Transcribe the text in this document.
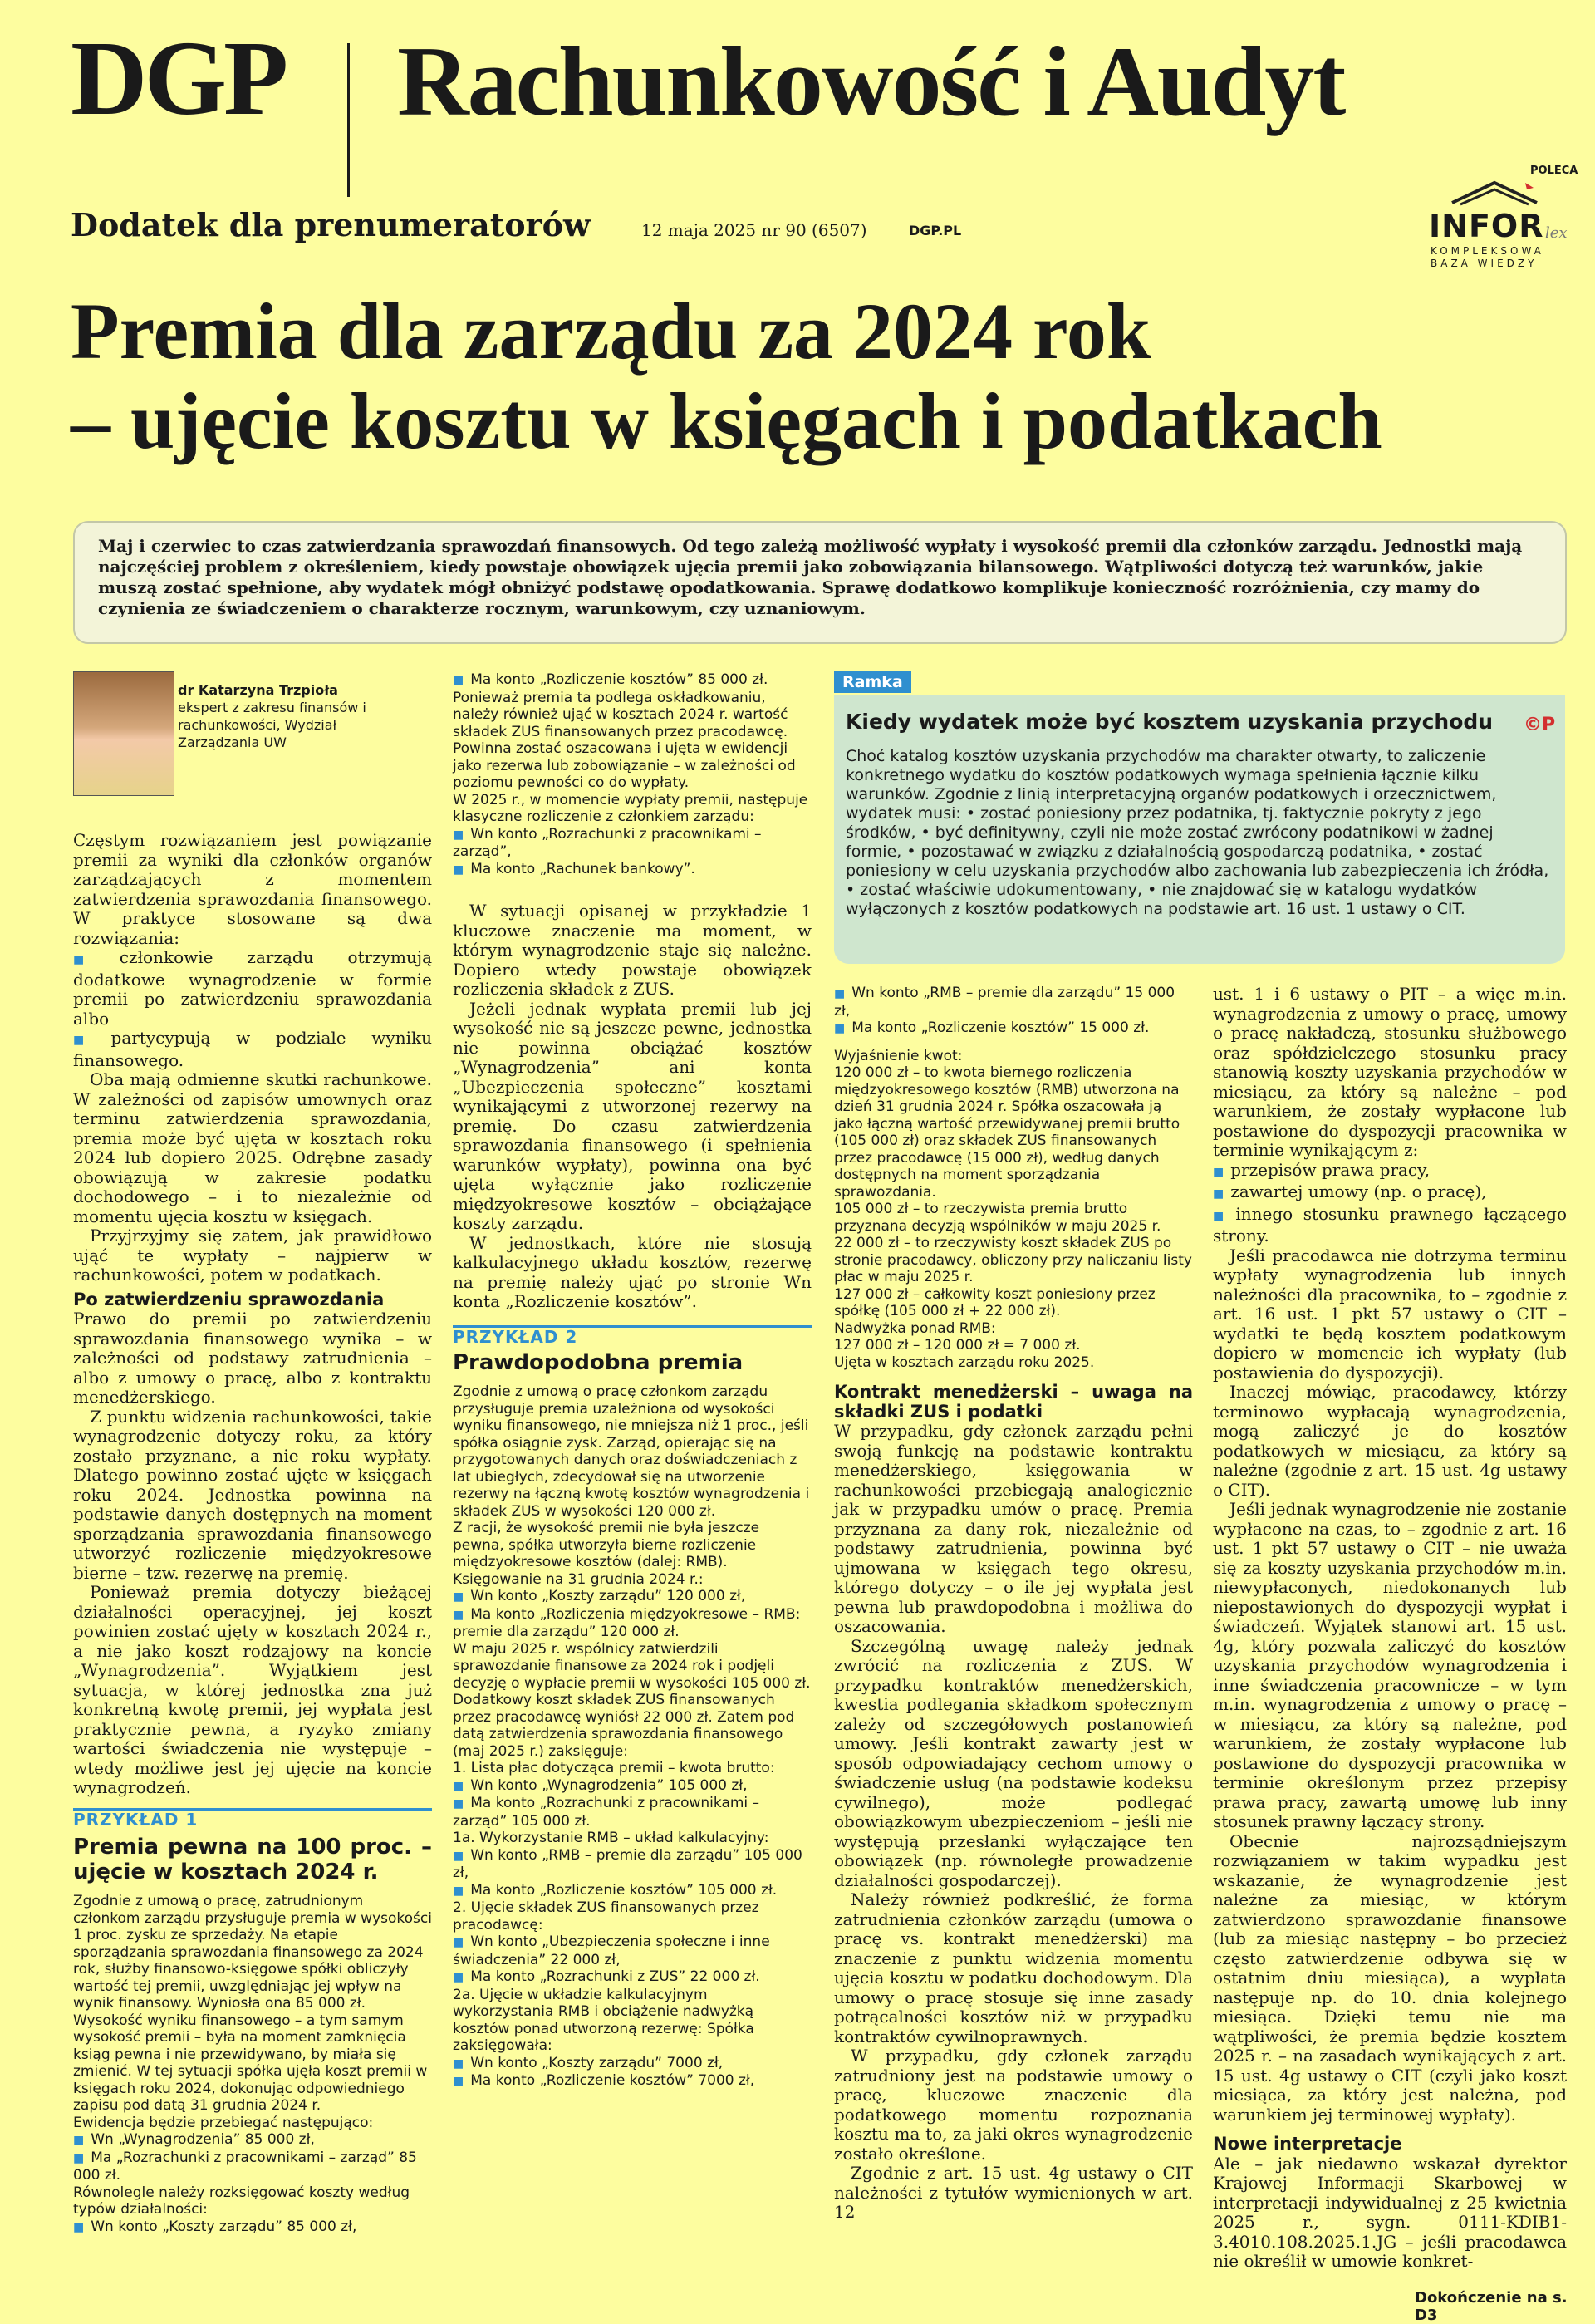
DGP Rachunkowość i Audyt
Dodatek dla prenumeratorów	12 maja 2025 nr 90 (6507)	DGP.PL
POLECA
INFOR lex
KOMPLEKSOWA BAZA WIEDZY
Premia dla zarządu za 2024 rok
– ujęcie kosztu w księgach i podatkach
Maj i czerwiec to czas zatwierdzania sprawozdań finansowych. Od tego zależą możliwość wypłaty i wysokość premii dla członków zarządu. Jednostki mają najczęściej problem z określeniem, kiedy powstaje obowiązek ujęcia premii jako zobowiązania bilansowego. Wątpliwości dotyczą też warunków, jakie muszą zostać spełnione, aby wydatek mógł obniżyć podstawę opodatkowania. Sprawę dodatkowo komplikuje konieczność rozróżnienia, czy mamy do czynienia ze świadczeniem o charakterze rocznym, warunkowym, czy uznaniowym.
dr Katarzyna Trzpioła
ekspert z zakresu finansów i rachunkowości, Wydział Zarządzania UW

Częstym rozwiązaniem jest powiązanie premii za wyniki dla członków organów zarządzających z momentem zatwierdzenia sprawozdania finansowego. W praktyce stosowane są dwa rozwiązania:

■ członkowie zarządu otrzymują dodatkowe wynagrodzenie w formie premii po zatwierdzeniu sprawozdania albo

■ partycypują w podziale wyniku finansowego.

Oba mają odmienne skutki rachunkowe. W zależności od zapisów umownych oraz terminu zatwierdzenia sprawozdania, premia może być ujęta w kosztach roku 2024 lub dopiero 2025. Odrębne zasady obowiązują w zakresie podatku dochodowego – i to niezależnie od momentu ujęcia kosztu w księgach.

Przyjrzyjmy się zatem, jak prawidłowo ująć te wypłaty – najpierw w rachunkowości, potem w podatkach.

Po zatwierdzeniu sprawozdania

Prawo do premii po zatwierdzeniu sprawozdania finansowego wynika – w zależności od podstawy zatrudnienia – albo z umowy o pracę, albo z kontraktu menedżerskiego.

Z punktu widzenia rachunkowości, takie wynagrodzenie dotyczy roku, za który zostało przyznane, a nie roku wypłaty. Dlatego powinno zostać ujęte w księgach roku 2024. Jednostka powinna na podstawie danych dostępnych na moment sporządzania sprawozdania finansowego utworzyć rozliczenie międzyokresowe bierne – tzw. rezerwę na premię.

Ponieważ premia dotyczy bieżącej działalności operacyjnej, jej koszt powinien zostać ujęty w kosztach 2024 r., a nie jako koszt rodzajowy na koncie „Wynagrodzenia”. Wyjątkiem jest sytuacja, w której jednostka zna już konkretną kwotę premii, jej wypłata jest praktycznie pewna, a ryzyko zmiany wartości świadczenia nie występuje – wtedy możliwe jest jej ujęcie na koncie wynagrodzeń.

PRZYKŁAD 1

Premia pewna na 100 proc. – ujęcie w kosztach 2024 r.

Zgodnie z umową o pracę, zatrudnionym członkom zarządu przysługuje premia w wysokości 1 proc. zysku ze sprzedaży. Na etapie sporządzania sprawozdania finansowego za 2024 rok, służby finansowo-księgowe spółki obliczyły wartość tej premii, uwzględniając jej wpływ na wynik finansowy. Wyniosła ona 85 000 zł. Wysokość wyniku finansowego – a tym samym wysokość premii – była na moment zamknięcia ksiąg pewna i nie przewidywano, by miała się zmienić. W tej sytuacji spółka ujęła koszt premii w księgach roku 2024, dokonując odpowiedniego zapisu pod datą 31 grudnia 2024 r.

Ewidencja będzie przebiegać następująco:

■ Wn „Wynagrodzenia” 85 000 zł,

■ Ma „Rozrachunki z pracownikami – zarząd” 85 000 zł.

Równolegle należy rozksięgować koszty według typów działalności:

■ Wn konto „Koszty zarządu” 85 000 zł,

■ Ma konto „Rozliczenie kosztów” 85 000 zł.

Ponieważ premia ta podlega oskładkowaniu, należy również ująć w kosztach 2024 r. wartość składek ZUS finansowanych przez pracodawcę. Powinna zostać oszacowana i ujęta w ewidencji jako rezerwa lub zobowiązanie – w zależności od poziomu pewności co do wypłaty.

W 2025 r., w momencie wypłaty premii, następuje klasyczne rozliczenie z członkiem zarządu:

■ Wn konto „Rozrachunki z pracownikami – zarząd”,

■ Ma konto „Rachunek bankowy”.

W sytuacji opisanej w przykładzie 1 kluczowe znaczenie ma moment, w którym wynagrodzenie staje się należne. Dopiero wtedy powstaje obowiązek rozliczenia składek z ZUS.

Jeżeli jednak wypłata premii lub jej wysokość nie są jeszcze pewne, jednostka nie powinna obciążać kosztów „Wynagrodzenia” ani konta „Ubezpieczenia społeczne” kosztami wynikającymi z utworzonej rezerwy na premię. Do czasu zatwierdzenia sprawozdania finansowego (i spełnienia warunków wypłaty), powinna ona być ujęta wyłącznie jako rozliczenie międzyokresowe kosztów – obciążające koszty zarządu.

W jednostkach, które nie stosują kalkulacyjnego układu kosztów, rezerwę na premię należy ująć po stronie Wn konta „Rozliczenie kosztów”.

PRZYKŁAD 2

Prawdopodobna premia

Zgodnie z umową o pracę członkom zarządu przysługuje premia uzależniona od wysokości wyniku finansowego, nie mniejsza niż 1 proc., jeśli spółka osiągnie zysk. Zarząd, opierając się na przygotowanych danych oraz doświadczeniach z lat ubiegłych, zdecydował się na utworzenie rezerwy na łączną kwotę kosztów wynagrodzenia i składek ZUS w wysokości 120 000 zł.

Z racji, że wysokość premii nie była jeszcze pewna, spółka utworzyła bierne rozliczenie międzyokresowe kosztów (dalej: RMB). Księgowanie na 31 grudnia 2024 r.:

■ Wn konto „Koszty zarządu” 120 000 zł,

■ Ma konto „Rozliczenia międzyokresowe – RMB: premie dla zarządu” 120 000 zł.

W maju 2025 r. wspólnicy zatwierdzili sprawozdanie finansowe za 2024 rok i podjęli decyzję o wypłacie premii w wysokości 105 000 zł. Dodatkowy koszt składek ZUS finansowanych przez pracodawcę wyniósł 22 000 zł. Zatem pod datą zatwierdzenia sprawozdania finansowego (maj 2025 r.) zaksięguje:

1. Lista płac dotycząca premii – kwota brutto:

■ Wn konto „Wynagrodzenia” 105 000 zł,

■ Ma konto „Rozrachunki z pracownikami – zarząd” 105 000 zł.

1a. Wykorzystanie RMB – układ kalkulacyjny:

■ Wn konto „RMB – premie dla zarządu” 105 000 zł,

■ Ma konto „Rozliczenie kosztów” 105 000 zł.

2. Ujęcie składek ZUS finansowanych przez pracodawcę:

■ Wn konto „Ubezpieczenia społeczne i inne świadczenia” 22 000 zł,

■ Ma konto „Rozrachunki z ZUS” 22 000 zł.

2a. Ujęcie w układzie kalkulacyjnym wykorzystania RMB i obciążenie nadwyżką kosztów ponad utworzoną rezerwę: Spółka zaksięgowała:

■ Wn konto „Koszty zarządu” 7000 zł,

■ Ma konto „Rozliczenie kosztów” 7000 zł,

Ramka
Kiedy wydatek może być kosztem uzyskania przychodu
Choć katalog kosztów uzyskania przychodów ma charakter otwarty, to zaliczenie konkretnego wydatku do kosztów podatkowych wymaga spełnienia łącznie kilku warunków. Zgodnie z linią interpretacyjną organów podatkowych i orzecznictwem, wydatek musi: • zostać poniesiony przez podatnika, tj. faktycznie pokryty z jego środków, • być definitywny, czyli nie może zostać zwrócony podatnikowi w żadnej formie, • pozostawać w związku z działalnością gospodarczą podatnika, • zostać poniesiony w celu uzyskania przychodów albo zachowania lub zabezpieczenia ich źródła, • zostać właściwie udokumentowany, • nie znajdować się w katalogu wydatków wyłączonych z kosztów podatkowych na podstawie art. 16 ust. 1 ustawy o CIT.
©P

■ Wn konto „RMB – premie dla zarządu” 15 000 zł,

■ Ma konto „Rozliczenie kosztów” 15 000 zł.

Wyjaśnienie kwot:

120 000 zł – to kwota biernego rozliczenia międzyokresowego kosztów (RMB) utworzona na dzień 31 grudnia 2024 r. Spółka oszacowała ją jako łączną wartość przewidywanej premii brutto (105 000 zł) oraz składek ZUS finansowanych przez pracodawcę (15 000 zł), według danych dostępnych na moment sporządzania sprawozdania.

105 000 zł – to rzeczywista premia brutto przyznana decyzją wspólników w maju 2025 r.

22 000 zł – to rzeczywisty koszt składek ZUS po stronie pracodawcy, obliczony przy naliczaniu listy płac w maju 2025 r.

127 000 zł – całkowity koszt poniesiony przez spółkę (105 000 zł + 22 000 zł).

Nadwyżka ponad RMB:

127 000 zł – 120 000 zł = 7 000 zł.

Ujęta w kosztach zarządu roku 2025.

Kontrakt menedżerski – uwaga na składki ZUS i podatki

W przypadku, gdy członek zarządu pełni swoją funkcję na podstawie kontraktu menedżerskiego, księgowania w rachunkowości przebiegają analogicznie jak w przypadku umów o pracę. Premia przyznana za dany rok, niezależnie od podstawy zatrudnienia, powinna być ujmowana w księgach tego okresu, którego dotyczy – o ile jej wypłata jest pewna lub prawdopodobna i możliwa do oszacowania.

Szczególną uwagę należy jednak zwrócić na rozliczenia z ZUS. W przypadku kontraktów menedżerskich, kwestia podlegania składkom społecznym zależy od szczegółowych postanowień umowy. Jeśli kontrakt zawarty jest w sposób odpowiadający cechom umowy o świadczenie usług (na podstawie kodeksu cywilnego), może podlegać obowiązkowym ubezpieczeniom – jeśli nie występują przesłanki wyłączające ten obowiązek (np. równoległe prowadzenie działalności gospodarczej).

Należy również podkreślić, że forma zatrudnienia członków zarządu (umowa o pracę vs. kontrakt menedżerski) ma znaczenie z punktu widzenia momentu ujęcia kosztu w podatku dochodowym. Dla umowy o pracę stosuje się inne zasady potrącalności kosztów niż w przypadku kontraktów cywilnoprawnych.

W przypadku, gdy członek zarządu zatrudniony jest na podstawie umowy o pracę, kluczowe znaczenie dla podatkowego momentu rozpoznania kosztu ma to, za jaki okres wynagrodzenie zostało określone.

Zgodnie z art. 15 ust. 4g ustawy o CIT należności z tytułów wymienionych w art. 12

ust. 1 i 6 ustawy o PIT – a więc m.in. wynagrodzenia z umowy o pracę, umowy o pracę nakładczą, stosunku służbowego oraz spółdzielczego stosunku pracy stanowią koszty uzyskania przychodów w miesiącu, za który są należne – pod warunkiem, że zostały wypłacone lub postawione do dyspozycji pracownika w terminie wynikającym z:

■ przepisów prawa pracy,

■ zawartej umowy (np. o pracę),

■ innego stosunku prawnego łączącego strony.

Jeśli pracodawca nie dotrzyma terminu wypłaty wynagrodzenia lub innych należności dla pracownika, to – zgodnie z art. 16 ust. 1 pkt 57 ustawy o CIT – wydatki te będą kosztem podatkowym dopiero w momencie ich wypłaty (lub postawienia do dyspozycji).

Inaczej mówiąc, pracodawcy, którzy terminowo wypłacają wynagrodzenia, mogą zaliczyć je do kosztów podatkowych w miesiącu, za który są należne (zgodnie z art. 15 ust. 4g ustawy o CIT).

Jeśli jednak wynagrodzenie nie zostanie wypłacone na czas, to – zgodnie z art. 16 ust. 1 pkt 57 ustawy o CIT – nie uważa się za koszty uzyskania przychodów m.in. niewypłaconych, niedokonanych lub niepostawionych do dyspozycji wypłat i świadczeń. Wyjątek stanowi art. 15 ust. 4g, który pozwala zaliczyć do kosztów uzyskania przychodów wynagrodzenia i inne świadczenia pracownicze – w tym m.in. wynagrodzenia z umowy o pracę – w miesiącu, za który są należne, pod warunkiem, że zostały wypłacone lub postawione do dyspozycji pracownika w terminie określonym przez przepisy prawa pracy, zawartą umowę lub inny stosunek prawny łączący strony.

Obecnie najrozsądniejszym rozwiązaniem w takim wypadku jest wskazanie, że wynagrodzenie jest należne za miesiąc, w którym zatwierdzono sprawozdanie finansowe (lub za miesiąc następny – bo przecież często zatwierdzenie odbywa się w ostatnim dniu miesiąca), a wypłata następuje np. do 10. dnia kolejnego miesiąca. Dzięki temu nie ma wątpliwości, że premia będzie kosztem 2025 r. – na zasadach wynikających z art. 15 ust. 4g ustawy o CIT (czyli jako koszt miesiąca, za który jest należna, pod warunkiem jej terminowej wypłaty).

Nowe interpretacje

Ale – jak niedawno wskazał dyrektor Krajowej Informacji Skarbowej w interpretacji indywidualnej z 25 kwietnia 2025 r., sygn. 0111-KDIB1-3.4010.108.2025.1.JG – jeśli pracodawca nie określił w umowie konkret-

Dokończenie na s. D3
